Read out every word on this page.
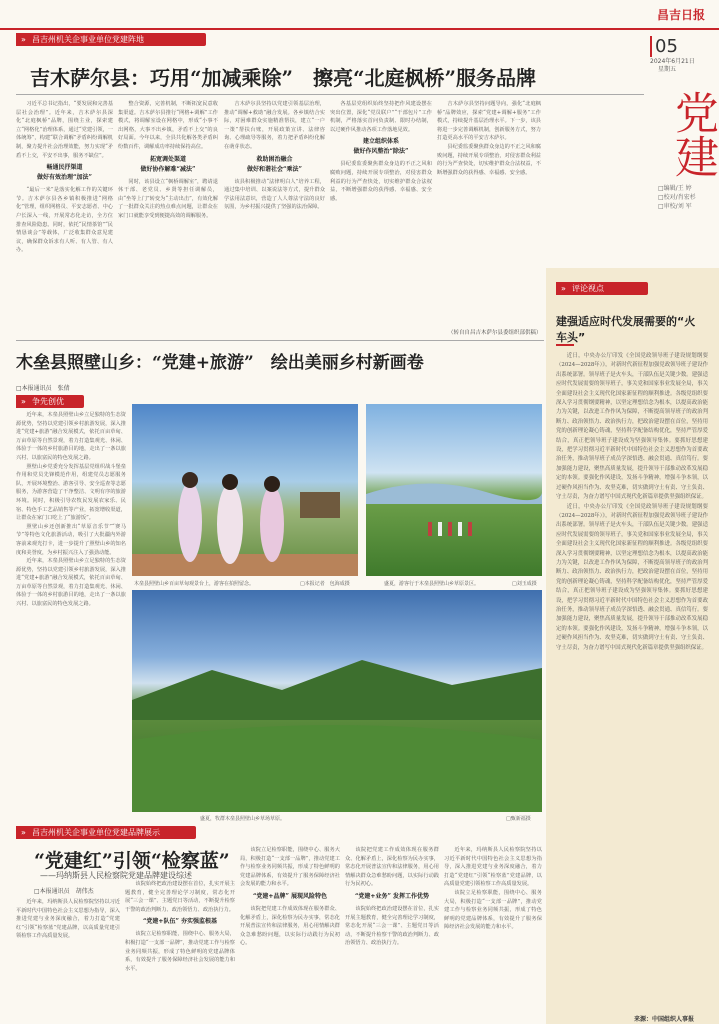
昌吉日报
05
2024年6月21日
星期五
党建
□编辑/王 婷
□校对/肖宏杉
□审校/刘 军
» 昌吉州机关企事业单位党建阵地
吉木萨尔县：巧用“加减乘除”　擦亮“北庭枫桥”服务品牌

习近平总书记指出，“要发展和完善基层社会治理”。近年来，吉木萨尔县深化“北庭枫桥”品牌，围绕主业，探索建立“网格化”治理体系，通过“党建引领，一体统筹”，构建“联合调解”矛盾纠纷调解机制，聚力提升社会治理效能，努力实现“矛盾不上交，平安不出事，服务不缺位”。

畅通民抒渠道
做好有效治理“加法”

“最后一米”是落实化解工作的关键环节。吉木萨尔县各乡镇积极推进“网格化”管理，组织网格员、平安志愿者、中心户长深入一线，开展常态化走访，全方位排查风险隐患。同时，依托“民情茶馆”“民情恳谈会”等载体，广泛收集群众意见建议，确保群众诉求有人听、有人管、有人办。

整合资源，完善机制，不断拓宽民意收集渠道。吉木萨尔县推行“网格+调解”工作模式，将调解室设在网格中，形成“小事不出网格，大事不出乡镇，矛盾不上交”的良好局面。今年以来，全县共化解各类矛盾纠纷数百件，调解成功率持续保持高位。

拓宽调处渠道
做好协作解难“减法”

同时，该县设立“枫桥调解室”，聘请退休干部、老党员、乡贤等担任调解员，由“坐等上门”转变为“主动出击”，有效化解了一批群众关注的热点难点问题，让群众在家门口就能享受到便捷高效的调解服务。

吉木萨尔县坚持以党建引领基层治理，推动“调解+救助”融合发展。各乡镇结合实际，对困难群众实施精准帮扶，建立“一户一策”帮扶台账，开展政策宣讲、法律咨询、心理疏导等服务，着力把矛盾纠纷化解在萌芽状态。

救助困治融合
做好和谐社会“乘法”

该县积极推动“法律明白人”培养工程，通过集中培训、以案说法等方式，提升群众学法用法意识，营造了人人尊法守法的良好氛围，为乡村振兴提供了坚强的法治保障。

各基层党组织始终坚持把作风建设摆在突出位置，深化“党员联户”“干部包片”工作机制，严格落实首问负责制、限时办结制，以过硬作风推动各项工作落地见效。

建立组织体系
做好作风整治“除法”

县纪委监委聚焦群众身边的不正之风和腐败问题，持续开展专项整治，对侵害群众利益的行为严查快处，切实维护群众合法权益，不断增强群众的获得感、幸福感、安全感。

吉木萨尔县坚持问题导向，强化“北庭枫桥”品牌效应，探索“党建+调解+服务”工作模式，持续提升基层治理水平。下一步，该县将进一步完善调解机制，创新服务方式，努力打造更高水平的平安吉木萨尔。

县纪委监委聚焦群众身边的不正之风和腐败问题，持续开展专项整治，对侵害群众利益的行为严查快处，切实维护群众合法权益，不断增强群众的获得感、幸福感、安全感。

（转自自昌吉木萨尔县委组织部供稿）
木垒县照壁山乡：“党建+旅游”　绘出美丽乡村新画卷
□本报通讯员　张倩
» 争先创优

近年来，木垒县照壁山乡立足独特的生态资源优势，坚持以党建引领乡村旅游发展，深入推进“党建+旅游”融合发展模式，依托百亩草甸、万亩草原等自然景观，着力打造集观光、休闲、体验于一体的乡村旅游目的地，走出了一条以旅兴村、以旅富民的特色发展之路。

照壁山乡党委充分发挥基层党组织战斗堡垒作用和党员先锋模范作用，组建党员志愿服务队，开展环境整治、游客引导、安全巡查等志愿服务，为游客营造了干净整洁、文明有序的旅游环境。同时，积极引导农牧民发展农家乐、民宿、特色手工艺品销售等产业，拓宽增收渠道，让群众在家门口吃上了“旅游饭”。

照壁山乡还创新推出“草原音乐节”“赛马节”等特色文化旅游活动，吸引了大批疆内外游客前来观光打卡，进一步提升了照壁山乡的知名度和美誉度，为乡村振兴注入了强劲动能。

近年来，木垒县照壁山乡立足独特的生态资源优势，坚持以党建引领乡村旅游发展，深入推进“党建+旅游”融合发展模式，依托百亩草甸、万亩草原等自然景观，着力打造集观光、休闲、体验于一体的乡村旅游目的地，走出了一条以旅兴村、以旅富民的特色发展之路。

木垒县照壁山乡百亩草甸观景台上，游客在拍照留念。	□本报记者　包海成摄	盛夏，游客行于木垒县照壁山乡草原景区。	□刘玉成摄
盛夏，牧群木垒县照壁山乡草场草原。	□甄新福摄
» 昌吉州机关企事业单位党建品牌展示
“党建红”引领“检察蓝”
——玛纳斯县人民检察院党建品牌建设综述
□本报通讯员　胡伟杰

近年来，玛纳斯县人民检察院坚持以习近平新时代中国特色社会主义思想为指导，深入推进党建与业务深度融合，着力打造“党建红”引领“检察蓝”党建品牌，以高质量党建引领检察工作高质量发展。

该院始终把政治建设摆在首位，扎实开展主题教育，健全完善理论学习制度，常态化开展“三会一课”、主题党日等活动，不断提升检察干警的政治判断力、政治领悟力、政治执行力。

“党建+队伍” 夯实强监根基

该院立足检察职能，围绕中心、服务大局，积极打造“一支部一品牌”，推动党建工作与检察业务同频共振，形成了特色鲜明的党建品牌体系，有效提升了服务保障经济社会发展的能力和水平。

该院立足检察职能，围绕中心、服务大局，积极打造“一支部一品牌”，推动党建工作与检察业务同频共振，形成了特色鲜明的党建品牌体系，有效提升了服务保障经济社会发展的能力和水平。

“党建+品牌” 展现风险特色

该院把党建工作成效体现在服务群众、化解矛盾上，深化检察为民办实事，常态化开展普法宣传和法律服务，用心用情解决群众急难愁盼问题，以实际行动践行为民初心。

该院把党建工作成效体现在服务群众、化解矛盾上，深化检察为民办实事，常态化开展普法宣传和法律服务，用心用情解决群众急难愁盼问题，以实际行动践行为民初心。

“党建+业务” 发挥工作优势

该院始终把政治建设摆在首位，扎实开展主题教育，健全完善理论学习制度，常态化开展“三会一课”、主题党日等活动，不断提升检察干警的政治判断力、政治领悟力、政治执行力。

近年来，玛纳斯县人民检察院坚持以习近平新时代中国特色社会主义思想为指导，深入推进党建与业务深度融合，着力打造“党建红”引领“检察蓝”党建品牌，以高质量党建引领检察工作高质量发展。

该院立足检察职能，围绕中心、服务大局，积极打造“一支部一品牌”，推动党建工作与检察业务同频共振，形成了特色鲜明的党建品牌体系，有效提升了服务保障经济社会发展的能力和水平。

» 评论视点
建强适应时代发展需要的“火车头”

近日，中央办公厅印发《全国党政领导班子建设规划纲要（2024—2028年）》，对新时代新征程加强党政领导班子建设作出系统部署。领导班子是火车头，干部队伍是关键少数。建强适应时代发展需要的领导班子，事关党和国家事业发展全局，事关全面建设社会主义现代化国家新征程的顺利推进。各级党组织要深入学习贯彻纲要精神，以坚定理想信念为根本，以提高政治能力为关键，以改进工作作风为保障，不断提高领导班子的政治判断力、政治领悟力、政治执行力，把政治建设摆在首位，坚持用党的创新理论凝心铸魂，坚持科学配备结构优化，坚持严管厚爱结合，真正把领导班子建设成为坚强领导集体。要抓好思想建设，把学习贯彻习近平新时代中国特色社会主义思想作为首要政治任务，推动领导班子成员学深悟透、融会贯通、真信笃行。要加强能力建设，聚焦高质量发展，提升领导干部推动改革发展稳定的本领。要强化作风建设，发扬斗争精神，增强斗争本领，以过硬作风担当作为、攻坚克难，切实做到守土有责、守土负责、守土尽责，为奋力谱写中国式现代化新篇章提供坚强组织保证。

近日，中央办公厅印发《全国党政领导班子建设规划纲要（2024—2028年）》，对新时代新征程加强党政领导班子建设作出系统部署。领导班子是火车头，干部队伍是关键少数。建强适应时代发展需要的领导班子，事关党和国家事业发展全局，事关全面建设社会主义现代化国家新征程的顺利推进。各级党组织要深入学习贯彻纲要精神，以坚定理想信念为根本，以提高政治能力为关键，以改进工作作风为保障，不断提高领导班子的政治判断力、政治领悟力、政治执行力，把政治建设摆在首位，坚持用党的创新理论凝心铸魂，坚持科学配备结构优化，坚持严管厚爱结合，真正把领导班子建设成为坚强领导集体。要抓好思想建设，把学习贯彻习近平新时代中国特色社会主义思想作为首要政治任务，推动领导班子成员学深悟透、融会贯通、真信笃行。要加强能力建设，聚焦高质量发展，提升领导干部推动改革发展稳定的本领。要强化作风建设，发扬斗争精神，增强斗争本领，以过硬作风担当作为、攻坚克难，切实做到守土有责、守土负责、守土尽责，为奋力谱写中国式现代化新篇章提供坚强组织保证。

来源：中国组织人事报
